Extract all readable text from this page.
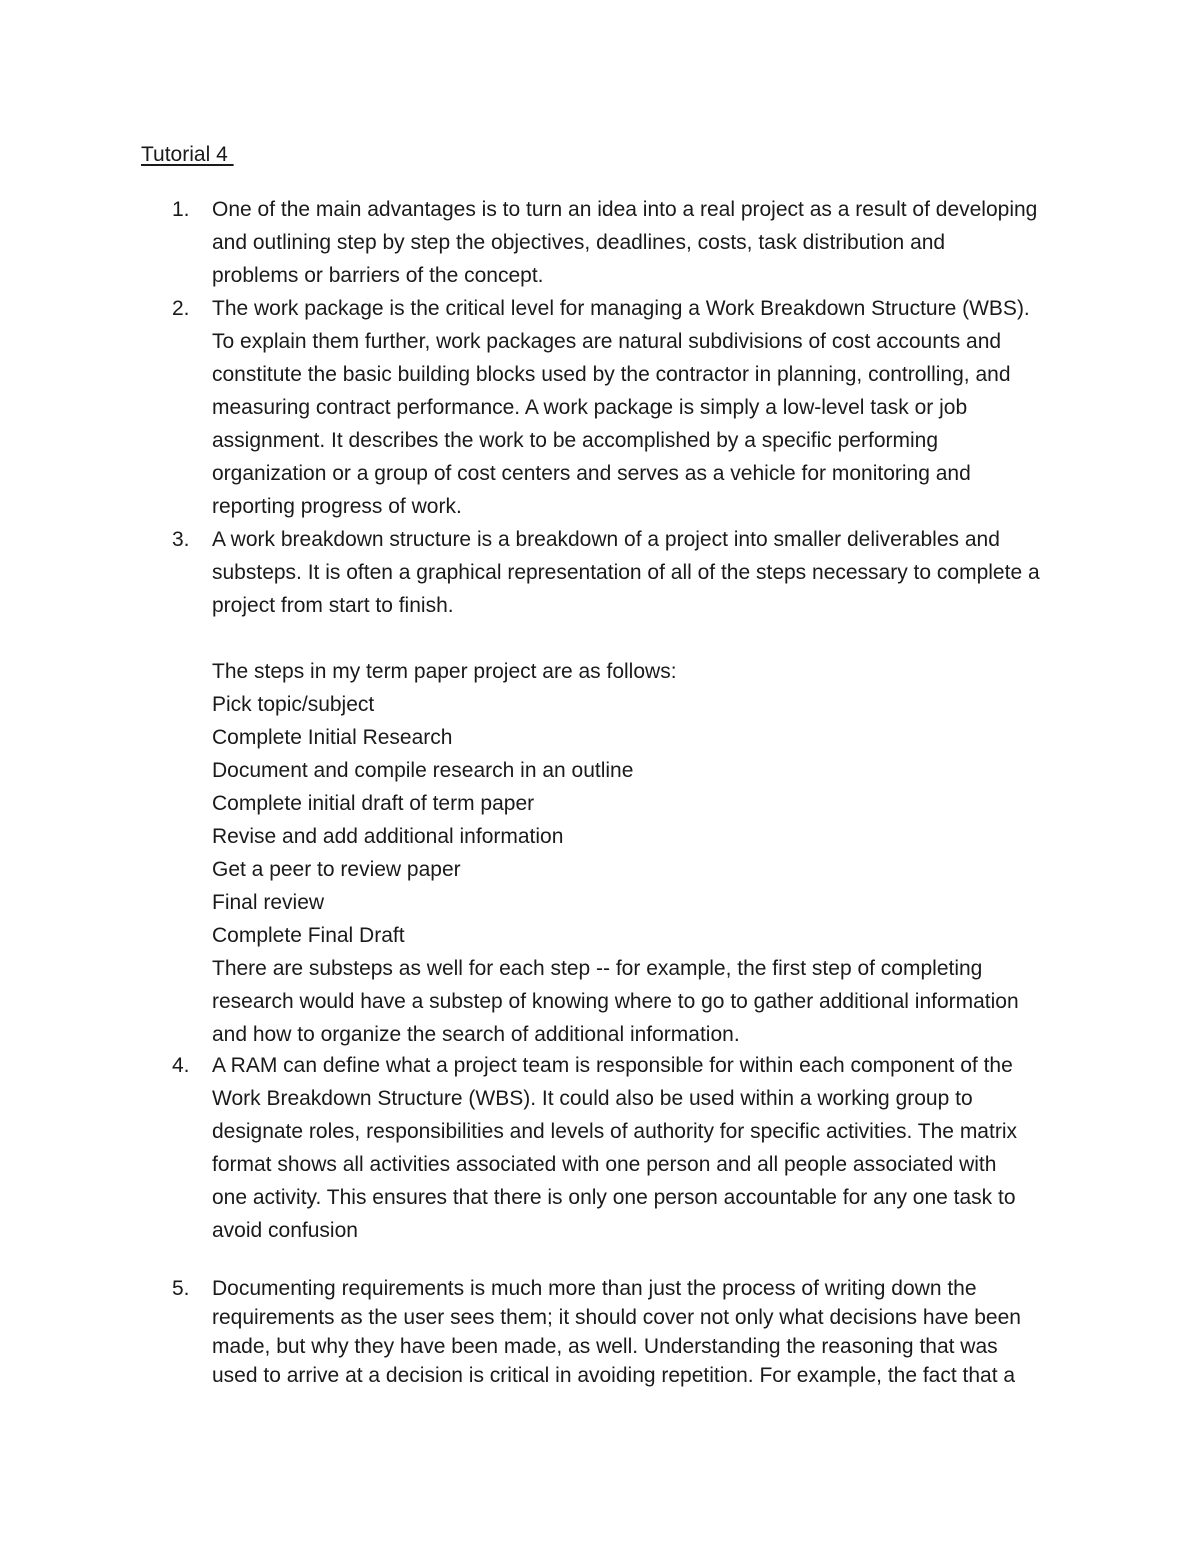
Tutorial 4
1. One of the main advantages is to turn an idea into a real project as a result of developing
and outlining step by step the objectives, deadlines, costs, task distribution and
problems or barriers of the concept.
2. The work package is the critical level for managing a Work Breakdown Structure (WBS).
To explain them further, work packages are natural subdivisions of cost accounts and
constitute the basic building blocks used by the contractor in planning, controlling, and
measuring contract performance. A work package is simply a low-level task or job
assignment. It describes the work to be accomplished by a specific performing
organization or a group of cost centers and serves as a vehicle for monitoring and
reporting progress of work.
3. A work breakdown structure is a breakdown of a project into smaller deliverables and
substeps. It is often a graphical representation of all of the steps necessary to complete a
project from start to finish.
The steps in my term paper project are as follows:
Pick topic/subject
Complete Initial Research
Document and compile research in an outline
Complete initial draft of term paper
Revise and add additional information
Get a peer to review paper
Final review
Complete Final Draft
There are substeps as well for each step -- for example, the first step of completing
research would have a substep of knowing where to go to gather additional information
and how to organize the search of additional information.
4. A RAM can define what a project team is responsible for within each component of the
Work Breakdown Structure (WBS). It could also be used within a working group to
designate roles, responsibilities and levels of authority for specific activities. The matrix
format shows all activities associated with one person and all people associated with
one activity. This ensures that there is only one person accountable for any one task to
avoid confusion
5. Documenting requirements is much more than just the process of writing down the
requirements as the user sees them; it should cover not only what decisions have been
made, but why they have been made, as well. Understanding the reasoning that was
used to arrive at a decision is critical in avoiding repetition. For example, the fact that a
